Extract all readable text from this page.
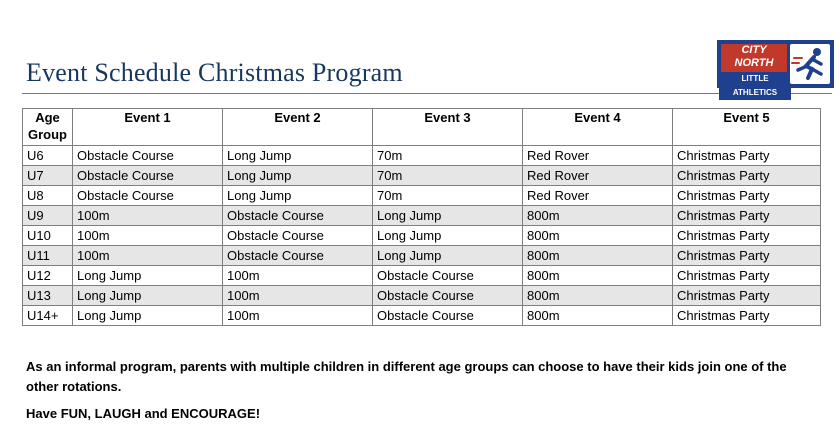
Event Schedule Christmas Program
CITY
NORTH
LITTLE ATHLETICS
Age Group	Event 1	Event 2	Event 3	Event 4	Event 5
U6	Obstacle Course	Long Jump	70m	Red Rover	Christmas Party
U7	Obstacle Course	Long Jump	70m	Red Rover	Christmas Party
U8	Obstacle Course	Long Jump	70m	Red Rover	Christmas Party
U9	100m	Obstacle Course	Long Jump	800m	Christmas Party
U10	100m	Obstacle Course	Long Jump	800m	Christmas Party
U11	100m	Obstacle Course	Long Jump	800m	Christmas Party
U12	Long Jump	100m	Obstacle Course	800m	Christmas Party
U13	Long Jump	100m	Obstacle Course	800m	Christmas Party
U14+	Long Jump	100m	Obstacle Course	800m	Christmas Party
As an informal program, parents with multiple children in different age groups can choose to have their kids join one of the other rotations.
Have FUN, LAUGH and ENCOURAGE!
